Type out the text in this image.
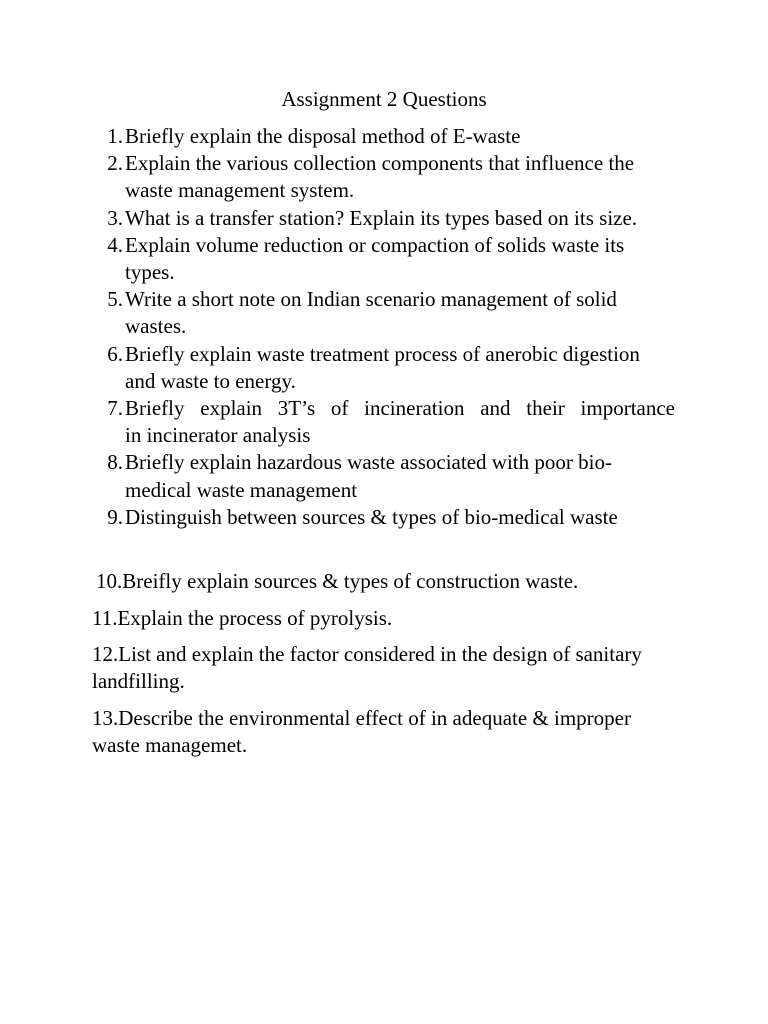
Assignment 2 Questions
1. Briefly explain the disposal method of E-waste
2. Explain the various collection components that influence the waste management system.
3. What is a transfer station? Explain its types based on its size.
4. Explain volume reduction or compaction of solids waste its types.
5. Write a short note on Indian scenario management of solid wastes.
6. Briefly explain waste treatment process of anerobic digestion and waste to energy.
7. Briefly explain 3T’s of incineration and their importance
in incinerator analysis
8. Briefly explain hazardous waste associated with poor bio-medical waste management
9. Distinguish between sources & types of bio-medical waste

10.Breifly explain sources & types of construction waste.

11.Explain the process of pyrolysis.

12.List and explain the factor considered in the design of sanitary landfilling.

13.Describe the environmental effect of in adequate & improper waste managemet.
